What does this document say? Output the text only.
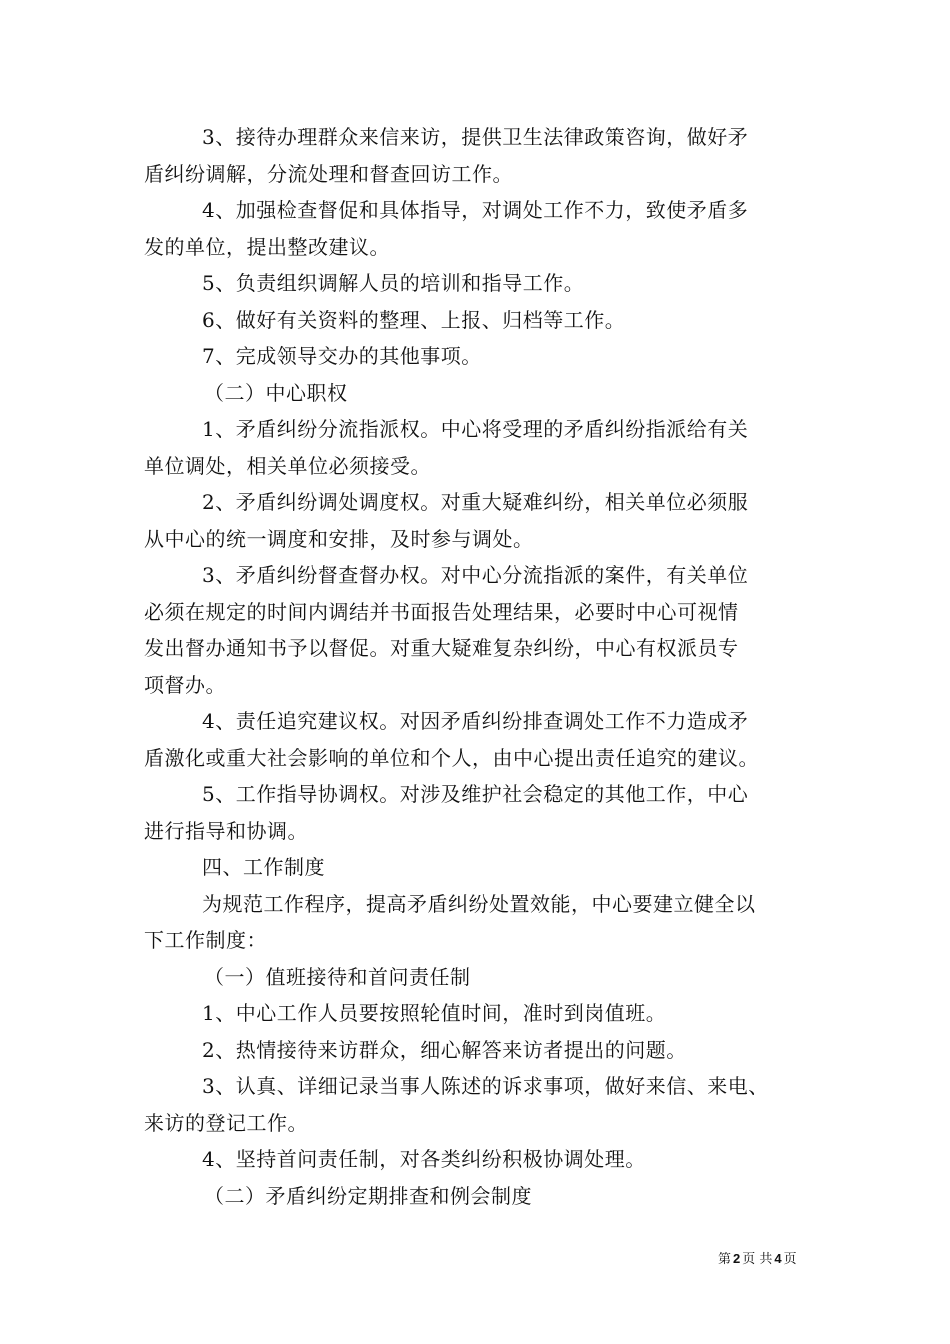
3、接待办理群众来信来访，提供卫生法律政策咨询，做好矛
盾纠纷调解，分流处理和督查回访工作。
4、加强检查督促和具体指导，对调处工作不力，致使矛盾多
发的单位，提出整改建议。
5、负责组织调解人员的培训和指导工作。
6、做好有关资料的整理、上报、归档等工作。
7、完成领导交办的其他事项。
（二）中心职权
1、矛盾纠纷分流指派权。中心将受理的矛盾纠纷指派给有关
单位调处，相关单位必须接受。
2、矛盾纠纷调处调度权。对重大疑难纠纷，相关单位必须服
从中心的统一调度和安排，及时参与调处。
3、矛盾纠纷督查督办权。对中心分流指派的案件，有关单位
必须在规定的时间内调结并书面报告处理结果，必要时中心可视情
发出督办通知书予以督促。对重大疑难复杂纠纷，中心有权派员专
项督办。
4、责任追究建议权。对因矛盾纠纷排查调处工作不力造成矛
盾激化或重大社会影响的单位和个人，由中心提出责任追究的建议。
5、工作指导协调权。对涉及维护社会稳定的其他工作，中心
进行指导和协调。
四、工作制度
为规范工作程序，提高矛盾纠纷处置效能，中心要建立健全以
下工作制度：
（一）值班接待和首问责任制
1、中心工作人员要按照轮值时间，准时到岗值班。
2、热情接待来访群众，细心解答来访者提出的问题。
3、认真、详细记录当事人陈述的诉求事项，做好来信、来电、
来访的登记工作。
4、坚持首问责任制，对各类纠纷积极协调处理。
（二）矛盾纠纷定期排查和例会制度
第 2 页 共 4 页
